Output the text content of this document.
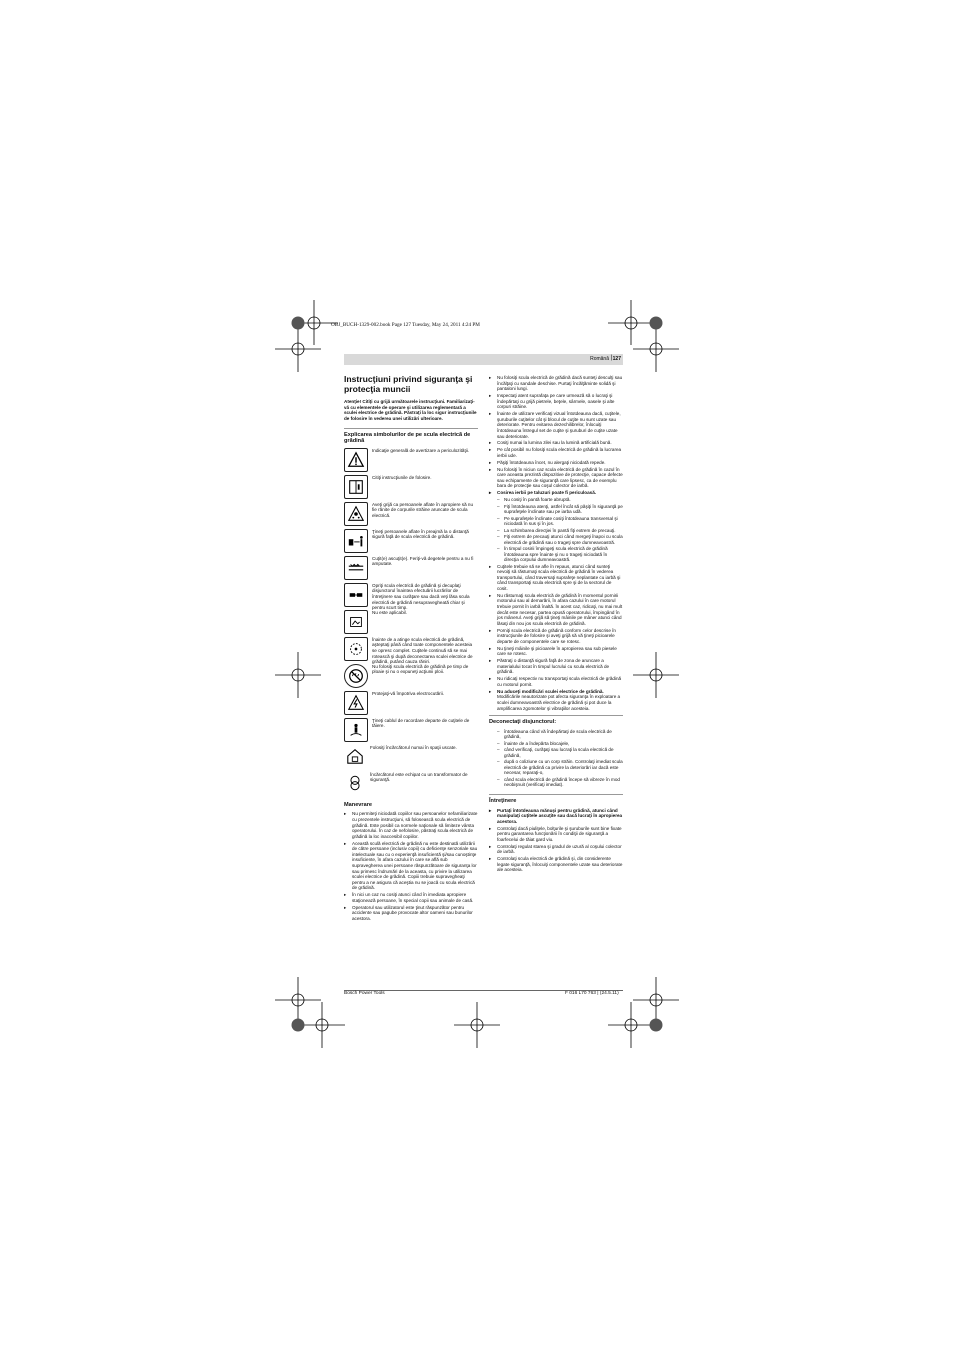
OBJ_BUCH-1329-002.book Page 127 Tuesday, May 24, 2011 4:24 PM
Română | 127
Instrucţiuni privind siguranţa şi protecţia muncii

Atenţie! Citiţi cu grijă următoarele instrucţiuni. Familiarizaţi-vă cu elementele de operare şi utilizarea reglementară a sculei electrice de grădină. Păstraţi la loc sigur instrucţiunile de folosire în vederea unei utilizări ulterioare.

Explicarea simbolurilor de pe scula electrică de grădină
Indicaţie generală de avertizare a periculozităţii.
Citiţi instrucţiunile de folosire.
Aveţi grijă ca persoanele aflate în apropiere să nu fie rănite de corpurile străine aruncate de scula electrică.
Ţineţi persoanele aflate în preajmă la o distanţă sigură faţă de scula electrică de grădină.
Cuţit(e) ascuţit(e). Feriţi-vă degetele pentru a nu fi amputate.
Opriţi scula electrică de grădină şi decuplaţi disjunctorul înaintea efectuării lucrărilor de întreţinere sau curăţare sau dacă veţi lăsa scula electrică de grădină nesupravegheată chiar şi pentru scurt timp.
Nu este aplicabil.
Înainte de a atinge scula electrică de grădină, aşteptaţi până când toate componentele acesteia se opresc complet. Cuţitele continuă să se mai rotească şi după deconectarea sculei electrice de grădină, putând cauza răniri.
Nu folosiţi scula electrică de grădină pe timp de ploaie şi nu o expuneţi acţiunii ploii.
Protejaţi-vă împotriva electrocutării.
Ţineţi cablul de racordare departe de cuţitele de tăiere.
Folosiţi încărcătorul numai în spaţii uscate.
Încărcătorul este echipat cu un transformator de siguranţă.
Manevrare
▸ Nu permiteţi niciodată copiilor sau persoanelor nefamiliarizate cu prezentele instrucţiuni, să folosească scula electrică de grădină. Este posibil ca normele naţionale să limiteze vârsta operatorului. În caz de nefolosire, păstraţi scula electrică de grădină la loc inaccesibil copiilor.
▸ Această sculă electrică de grădină nu este destinată utilizării de către persoane (inclusiv copii) cu deficienţe senzoriale sau intelectuale sau cu o experienţă insuficientă şi/sau cunoştinţe insuficiente, în afara cazului în care se află sub supravegherea unei persoane răspunzătoare de siguranţa lor sau primesc îndrumări de la aceasta, cu privire la utilizarea sculei electrice de grădină. Copiii trebuie supravegheaţi pentru a ne asigura că aceştia nu se joacă cu scula electrică de grădină.
▸ În nici un caz nu cosiţi atunci când în imediata apropiere staţionează persoane, în special copii sau animale de casă.
▸ Operatorul sau utilizatorul este ţinut răspunzător pentru accidente sau pagube provocate altor oameni sau bunurilor acestora.
▸ Nu folosiţi scula electrică de grădină dacă sunteţi desculţi sau încălţaţi cu sandale deschise. Purtaţi încălţăminte solidă şi pantaloni lungi.
▸ Inspectaţi atent suprafaţa pe care urmează să o lucraţi şi îndepărtaţi cu grijă pietrele, beţele, sârmele, oasele şi alte corpuri străine.
▸ Înainte de utilizare verificaţi vizual întotdeauna dacă, cuţitele, şuruburile cuţitelor cât şi blocul de cuţite nu sunt uzate sau deteriorate. Pentru evitarea dezechilibrelor, înlocuiţi întotdeauna întregul set de cuţite şi şuruburi de cuţite uzate sau deteriorate.
▸ Cosiţi numai la lumina zilei sau la lumină artificială bună.
▸ Pe cât posibil nu folosiţi scula electrică de grădină la lucrarea ierbii ude.
▸ Păşiţi întotdeauna încet, nu alergaţi niciodată repede.
▸ Nu folosiţi în niciun caz scula electrică de grădină în cazul în care aceasta prezintă dispozitive de protecţie, capace defecte sau echipamente de siguranţă care lipsesc, ca de exemplu bara de protecţie sau coşul colector de iarbă.
▸ Cosirea ierbii pe taluzuri poate fi periculoasă.
– Nu cosiţi în pantă foarte abruptă.
– Fiţi întotdeauna atenţi, astfel încât să păşiţi în siguranţă pe suprafeţele înclinate sau pe iarba udă.
– Pe suprafeţele înclinate cosiţi întotdeauna transversal şi niciodată în sus şi în jos.
– La schimbarea direcţiei în pantă fiţi extrem de precauţi.
– Fiţi extrem de precauţi atunci când mergeţi înapoi cu scula electrică de grădină sau o trageţi spre dumneavoastră.
– În timpul cosirii împingeţi scula electrică de grădină întotdeauna spre înainte şi nu o trageţi niciodată în direcţia corpului dumneavoastră.
▸ Cuţitele trebuie să se afle în repaus, atunci când sunteţi nevoiţi să răsturnaţi scula electrică de grădină în vederea transportului, când traversaţi suprafeţe neplantate cu iarbă şi când transportaţi scula electrică spre şi de la sectorul de cosit.
▸ Nu răsturnaţi scula electrică de grădină în momentul pornirii motorului sau al demarării, în afara cazului în care motorul trebuie pornit în iarbă înaltă. În acest caz, ridicaţi, nu mai mult decât este necesar, partea opusă operatorului, împingând în jos mânerul. Aveţi grijă să ţineţi mâinile pe mâner atunci când lăsaţi din nou jos scula electrică de grădină.
▸ Porniţi scula electrică de grădină conform celor descrise în instrucţiunile de folosire şi aveţi grijă să vă ţineţi picioarele departe de componentele care se rotesc.
▸ Nu ţineţi mâinile şi picioarele în apropierea sau sub piesele care se rotesc.
▸ Păstraţi o distanţă sigură faţă de zona de aruncare a materialului tocat în timpul lucrului cu scula electrică de grădină.
▸ Nu ridicaţi respectiv nu transportaţi scula electrică de grădină cu motorul pornit.
▸ Nu aduceţi modificări sculei electrice de grădină. Modificările neautorizate pot afecta siguranţa în exploatare a sculei dumneavoastră electrice de grădină şi pot duce la amplificarea zgomotelor şi vibraţiilor acesteia.
Deconectaţi disjunctorul:
– întotdeauna când vă îndepărtaţi de scula electrică de grădină,
– înainte de a îndepărta blocajele,
– când verificaţi, curăţaţi sau lucraţi la scula electrică de grădină,
– după o coliziune cu un corp străin. Controlaţi imediat scula electrică de grădină ca privire la deteriorări iar dacă este necesar, reparaţi-o,
– când scula electrică de grădină începe să vibreze în mod neobişnuit (verificaţi imediat).
Întreţinere
▸ Purtaţi întotdeauna mănuşi pentru grădină, atunci când manipulaţi cuţitele ascuţite sau dacă lucraţi în apropierea acestora.
▸ Controlaţi dacă piuliţele, bolţurile şi şuruburile sunt bine fixate pentru garantarea funcţionării în condiţii de siguranţă a foarfecelui de tăiat gard viu.
▸ Controlaţi regulat starea şi gradul de uzură al coşului colector de iarbă.
▸ Controlaţi scula electrică de grădină şi, din considerente legate siguranţă, înlocuiţi componentele uzate sau deteriorate ale acesteia.
Bosch Power Tools	F 016 L70 763 | (24.5.11)
